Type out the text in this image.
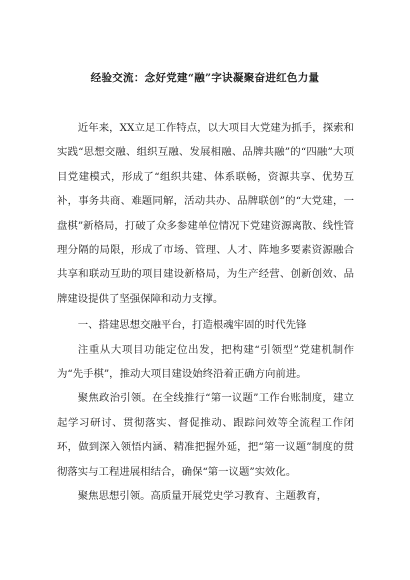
经验交流：念好党建“融”字诀凝聚奋进红色力量

近年来，XX立足工作特点，以大项目大党建为抓手，探索和实践“思想交融、组织互融、发展相融、品牌共融”的“四融”大项目党建模式，形成了“组织共建、体系联畅，资源共享、优势互补，事务共商、难题同解，活动共办、品牌联创”的“大党建，一盘棋”新格局，打破了众多参建单位情况下党建资源离散、线性管理分隔的局限，形成了市场、管理、人才、阵地多要素资源融合共享和联动互助的项目建设新格局，为生产经营、创新创效、品牌建设提供了坚强保障和动力支撑。

一、搭建思想交融平台，打造根魂牢固的时代先锋

注重从大项目功能定位出发，把构建“引领型”党建机制作为“先手棋”，推动大项目建设始终沿着正确方向前进。

聚焦政治引领。在全线推行“第一议题”工作台账制度，建立起学习研讨、贯彻落实、督促推动、跟踪问效等全流程工作闭环，做到深入领悟内涵、精准把握外延，把“第一议题”制度的贯彻落实与工程进展相结合，确保“第一议题”实效化。

聚焦思想引领。高质量开展党史学习教育、主题教育，
